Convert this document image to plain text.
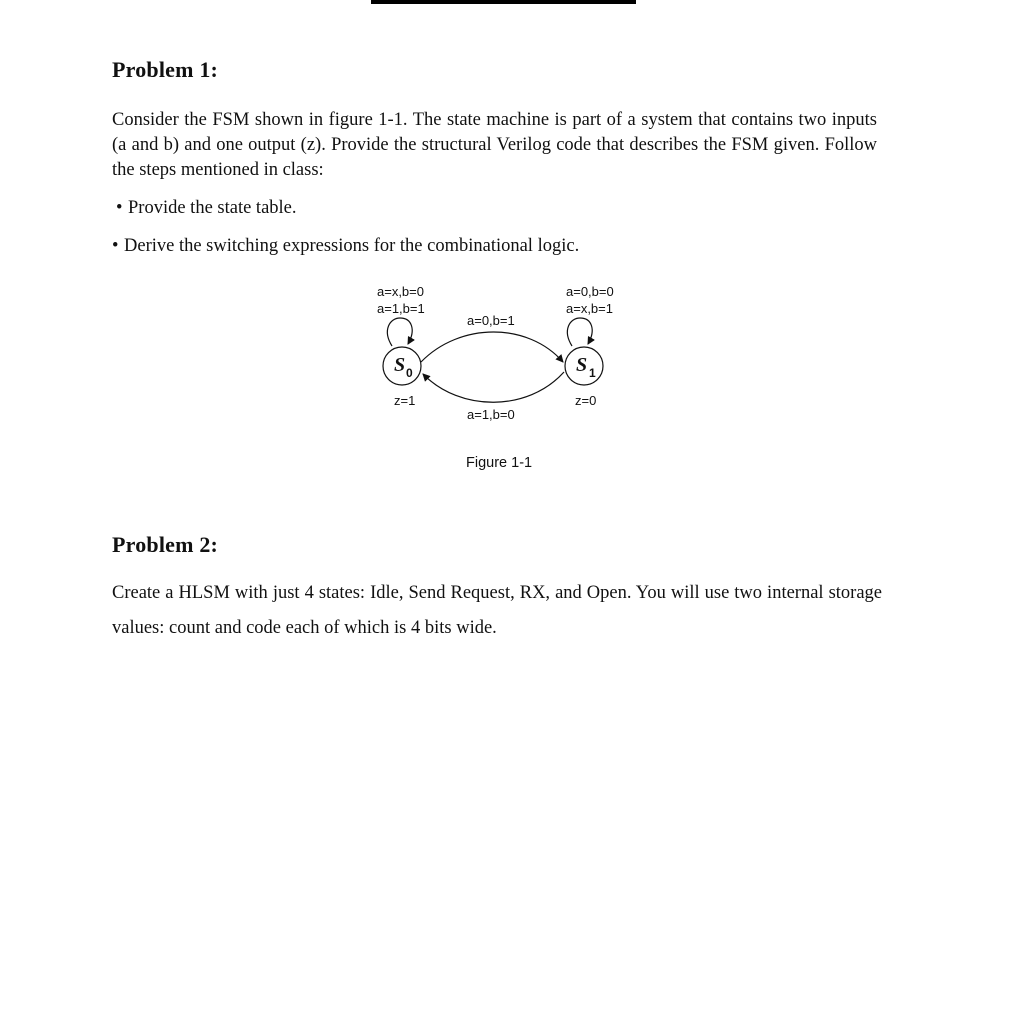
Problem 1:

Consider the FSM shown in figure 1-1. The state machine is part of a system that contains two inputs (a and b) and one output (z). Provide the structural Verilog code that describes the FSM given. Follow the steps mentioned in class:

• Provide the state table.

• Derive the switching expressions for the combinational logic.

a=x,b=0
a=1,b=1
a=0,b=0
a=x,b=1
a=0,b=1
S 0	S 1
z=1	z=0
a=1,b=0
Figure 1-1
Problem 2:

Create a HLSM with just 4 states: Idle, Send Request, RX, and Open. You will use two internal storage values: count and code each of which is 4 bits wide.
